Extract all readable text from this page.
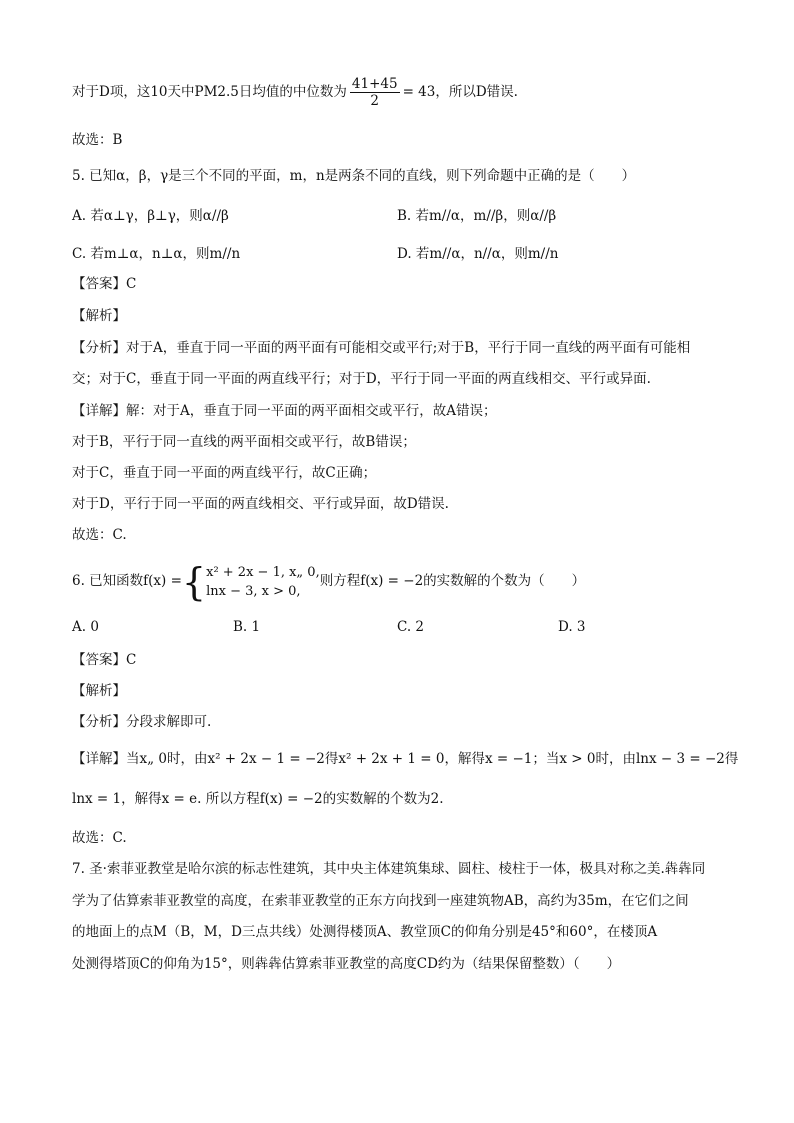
对于D项，这10天中PM2.5日均值的中位数为 $\frac{41+45}{2} = 43$，所以D错误.
故选：B
5. 已知α，β，γ是三个不同的平面，m，n是两条不同的直线，则下列命题中正确的是（　　）
A. 若α⊥γ，β⊥γ，则α//β	B. 若m//α，m//β，则α//β
C. 若m⊥α，n⊥α，则m//n	D. 若m//α，n//α，则m//n
【答案】C
【解析】
【分析】对于A，垂直于同一平面的两平面有可能相交或平行;对于B，平行于同一直线的两平面有可能相
交；对于C，垂直于同一平面的两直线平行；对于D，平行于同一平面的两直线相交、平行或异面.
【详解】解：对于A，垂直于同一平面的两平面相交或平行，故A错误；
对于B，平行于同一直线的两平面相交或平行，故B错误；
对于C，垂直于同一平面的两直线平行，故C正确；
对于D，平行于同一平面的两直线相交、平行或异面，故D错误.
故选：C.
6. 已知函数f(x) ={ x² + 2x − 1, x„ 0,
lnx − 3, x > 0,
则方程f(x) = −2的实数解的个数为（　　）
A. 0	B. 1	C. 2	D. 3
【答案】C
【解析】
【分析】分段求解即可.
【详解】当x„ 0时，由x² + 2x − 1 = −2得x² + 2x + 1 = 0，解得x = −1；当x > 0时，由lnx − 3 = −2得
lnx = 1，解得x = e. 所以方程f(x) = −2的实数解的个数为2.
故选：C.
7. 圣·索菲亚教堂是哈尔滨的标志性建筑，其中央主体建筑集球、圆柱、棱柱于一体，极具对称之美.犇犇同
学为了估算索菲亚教堂的高度，在索菲亚教堂的正东方向找到一座建筑物AB，高约为35m，在它们之间
的地面上的点M（B，M，D三点共线）处测得楼顶A、教堂顶C的仰角分别是45°和60°，在楼顶A
处测得塔顶C的仰角为15°，则犇犇估算索菲亚教堂的高度CD约为（结果保留整数）（　　）
